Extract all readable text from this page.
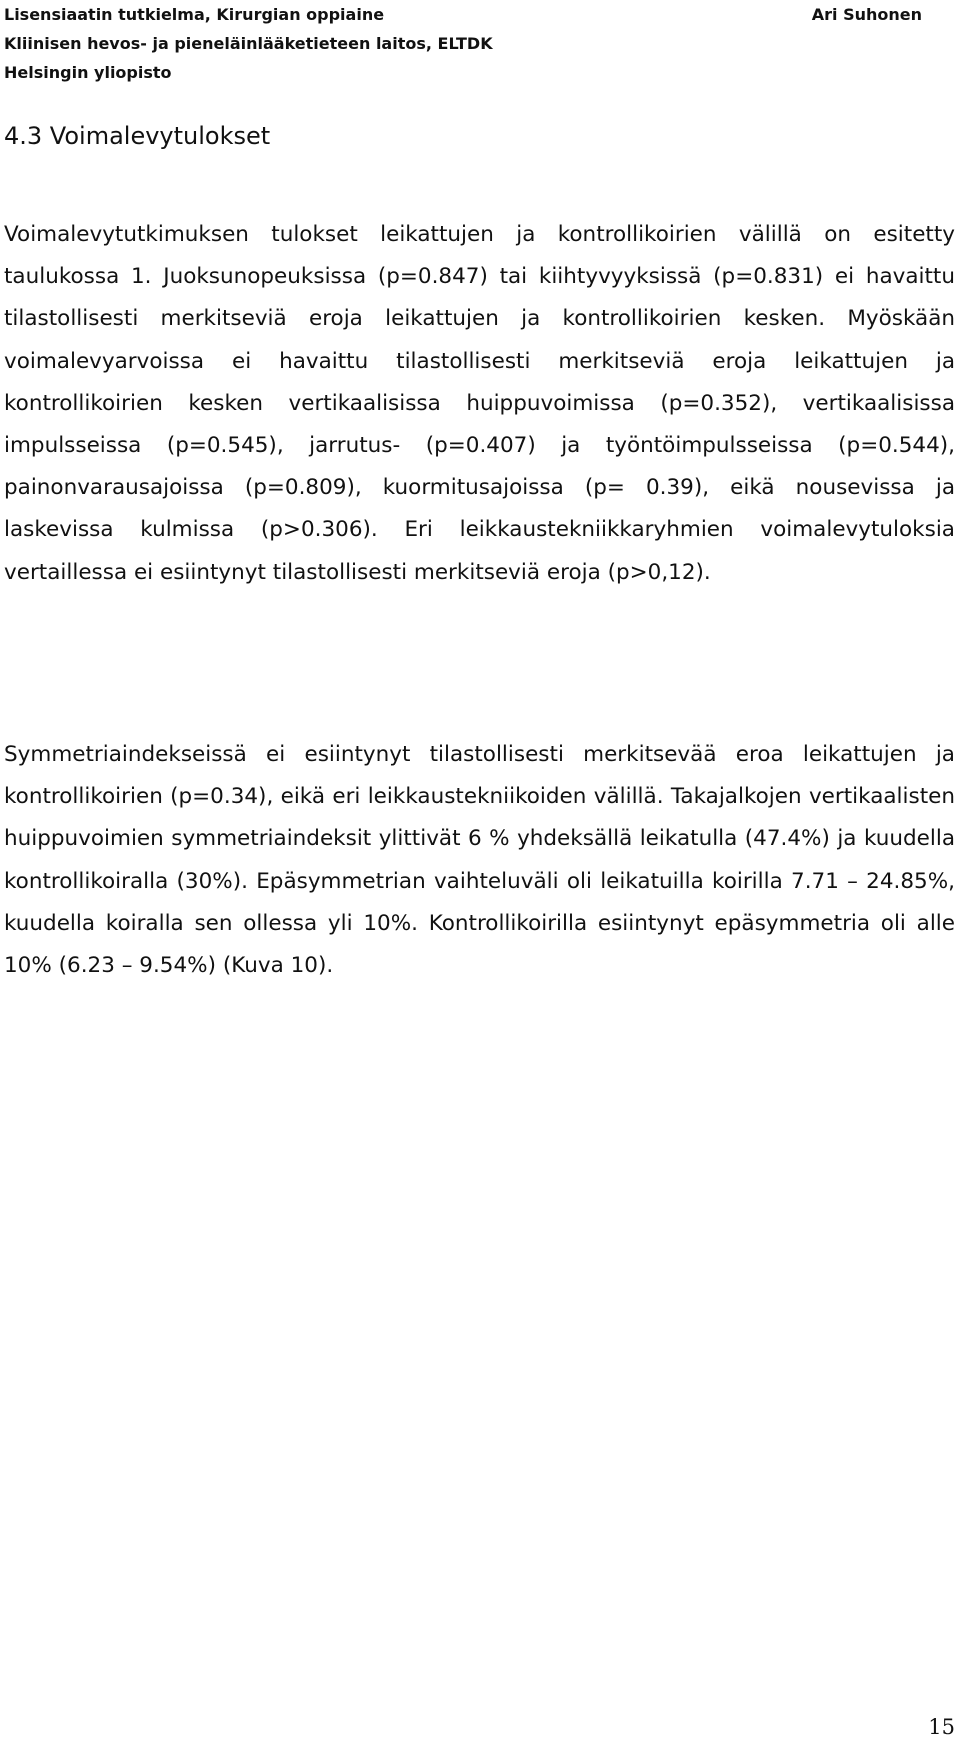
Lisensiaatin tutkielma, Kirurgian oppiaine
Kliinisen hevos- ja pieneläinlääketieteen laitos, ELTDK
Helsingin yliopisto
Ari Suhonen
4.3 Voimalevytulokset

Voimalevytutkimuksen tulokset leikattujen ja kontrollikoirien välillä on esitetty taulukossa 1. Juoksunopeuksissa (p=0.847) tai kiihtyvyyksissä (p=0.831) ei havaittu tilastollisesti merkitseviä eroja leikattujen ja kontrollikoirien kesken. Myöskään voimalevyarvoissa ei havaittu tilastollisesti merkitseviä eroja leikattujen ja kontrollikoirien kesken vertikaalisissa huippuvoimissa (p=0.352), vertikaalisissa impulsseissa (p=0.545), jarrutus- (p=0.407) ja työntöimpulsseissa (p=0.544), painonvarausajoissa (p=0.809), kuormitusajoissa (p= 0.39), eikä nousevissa ja laskevissa kulmissa (p>0.306). Eri leikkaustekniikkaryhmien voimalevytuloksia vertaillessa ei esiintynyt tilastollisesti merkitseviä eroja (p>0,12).

Symmetriaindekseissä ei esiintynyt tilastollisesti merkitsevää eroa leikattujen ja kontrollikoirien (p=0.34), eikä eri leikkaustekniikoiden välillä. Takajalkojen vertikaalisten huippuvoimien symmetriaindeksit ylittivät 6 % yhdeksällä leikatulla (47.4%) ja kuudella kontrollikoiralla (30%). Epäsymmetrian vaihteluväli oli leikatuilla koirilla 7.71 – 24.85%, kuudella koiralla sen ollessa yli 10%. Kontrollikoirilla esiintynyt epäsymmetria oli alle 10% (6.23 – 9.54%) (Kuva 10).

15
